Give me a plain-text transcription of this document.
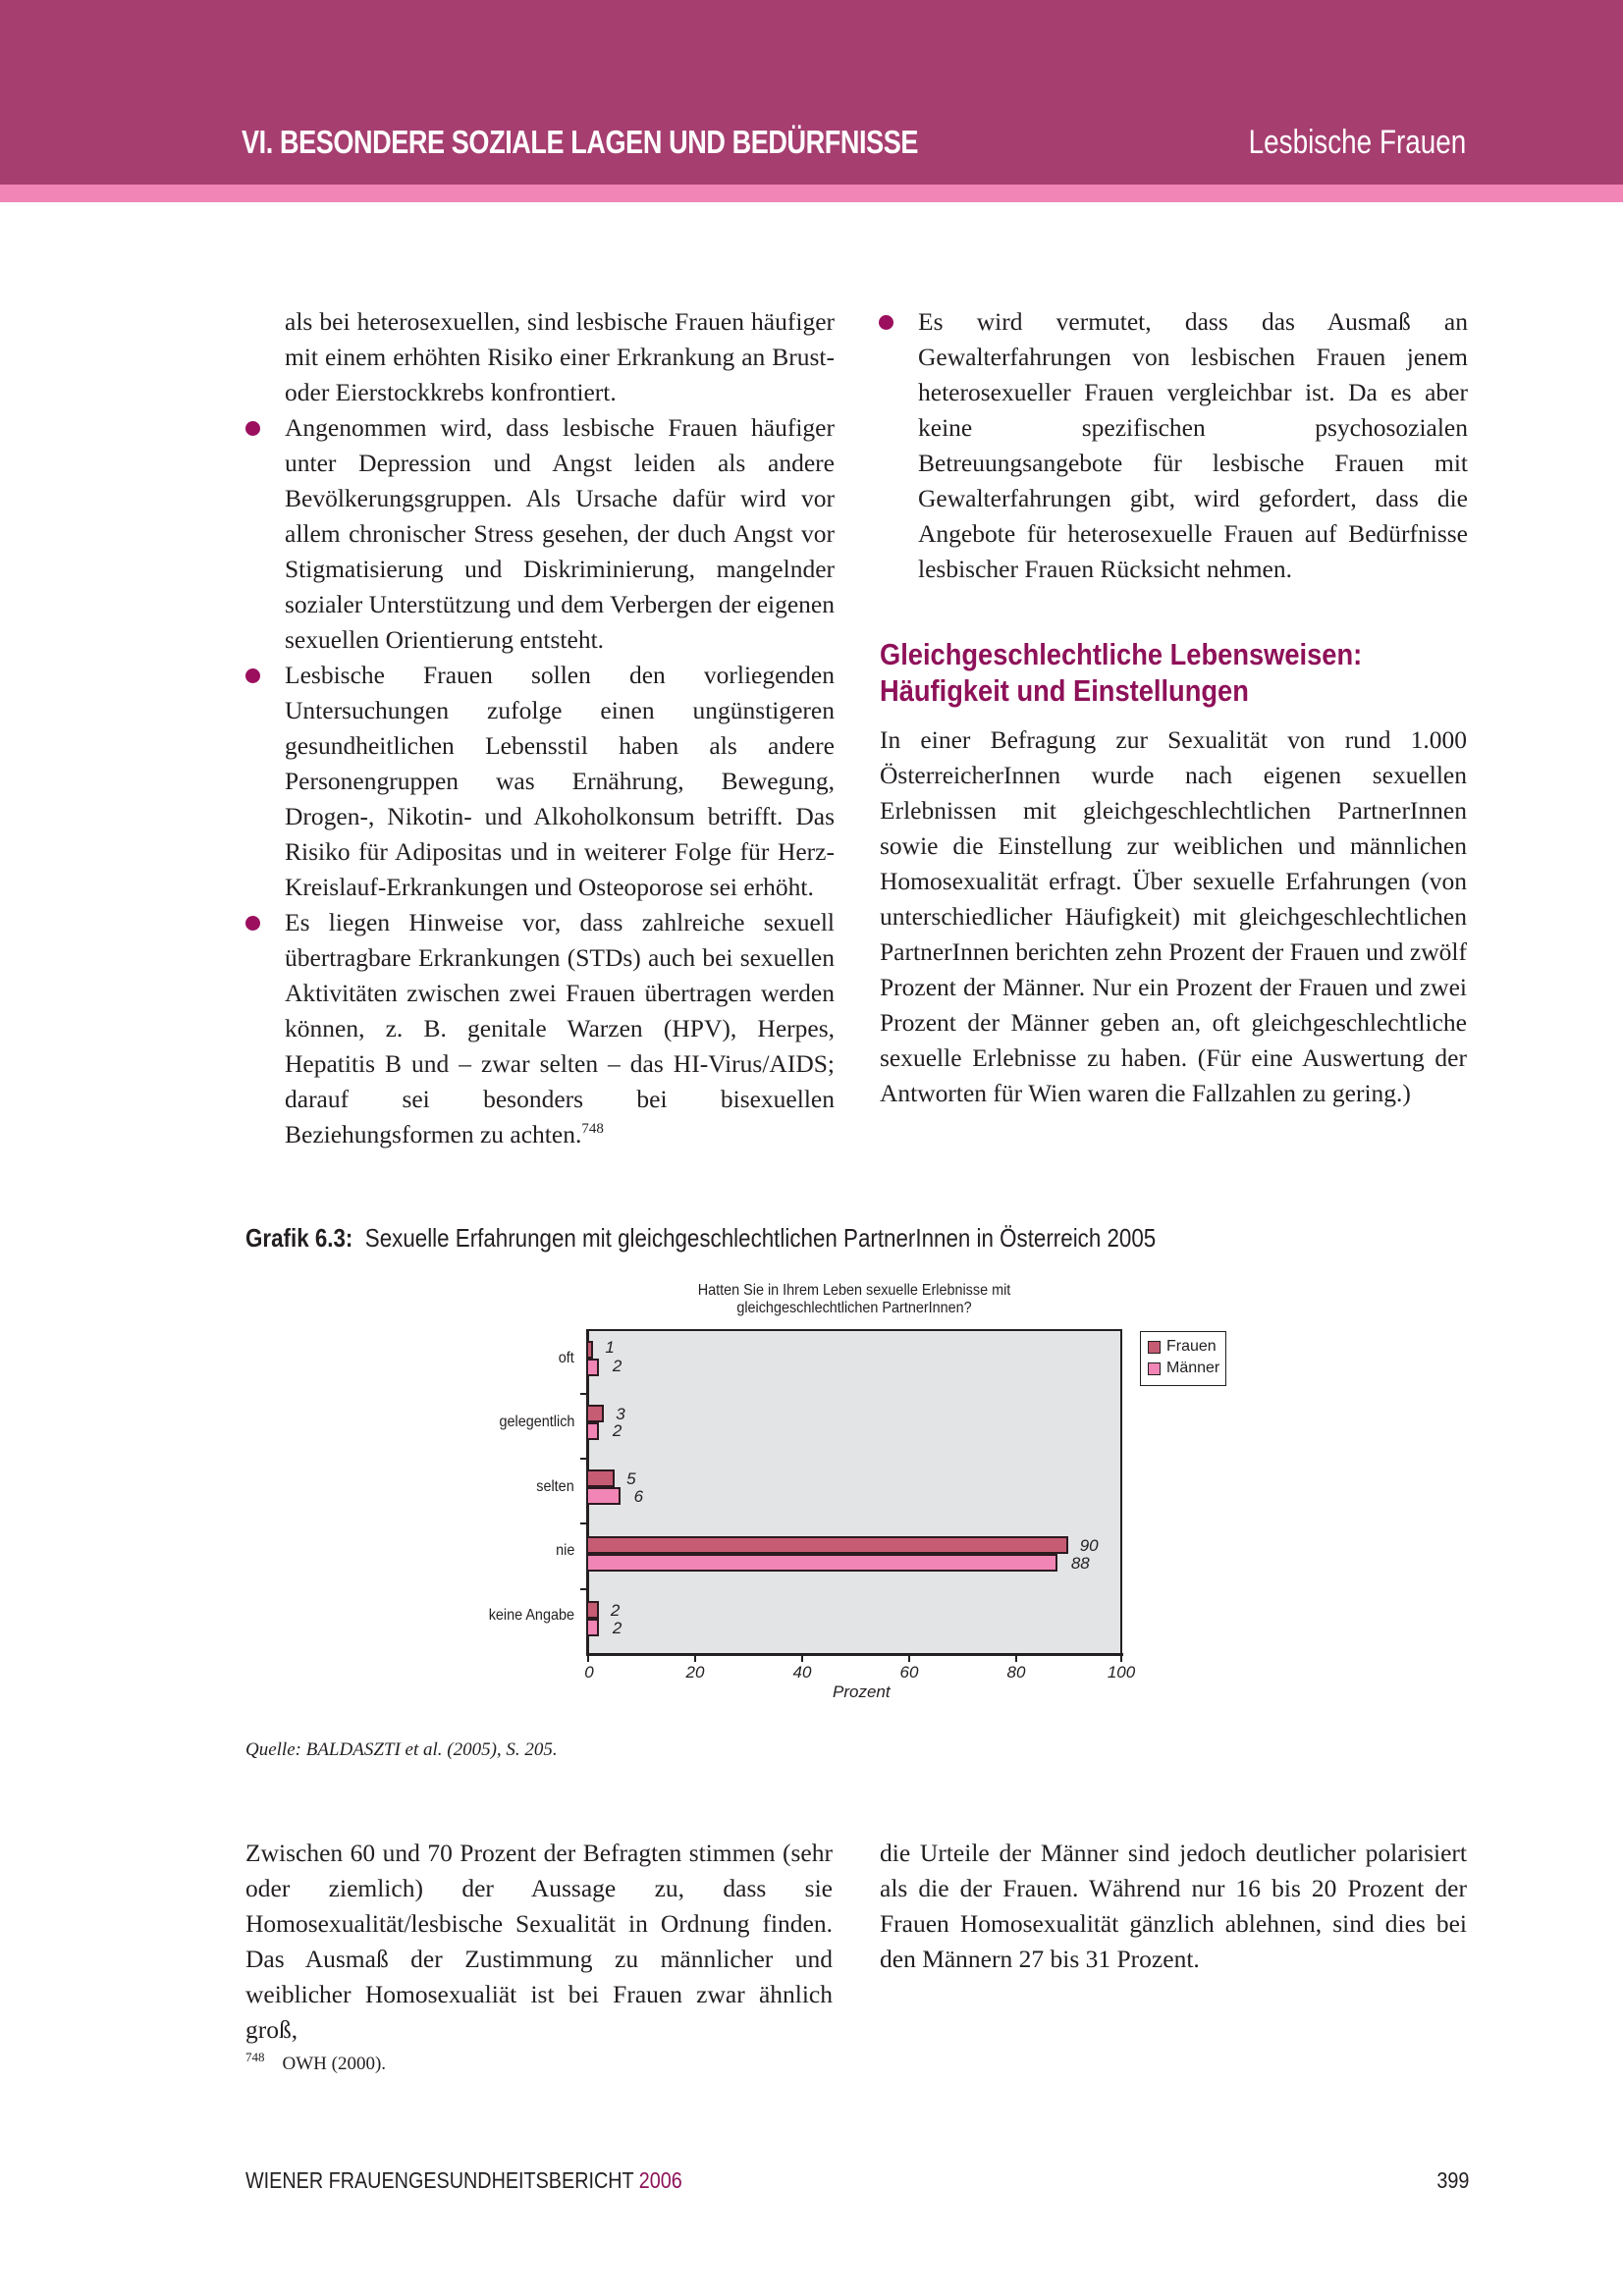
VI. BESONDERE SOZIALE LAGEN UND BEDÜRFNISSE	Lesbische Frauen

als bei heterosexuellen, sind lesbische Frauen häufiger mit einem erhöhten Risiko einer Erkrankung an Brust- oder Eierstockkrebs konfrontiert.

Angenommen wird, dass lesbische Frauen häufiger unter Depression und Angst leiden als andere Bevölkerungsgruppen. Als Ursache dafür wird vor allem chronischer Stress gesehen, der duch Angst vor Stigmatisierung und Diskriminierung, mangelnder sozialer Unterstützung und dem Verbergen der eigenen sexuellen Orientierung entsteht.

Lesbische Frauen sollen den vorliegenden Untersuchungen zufolge einen ungünstigeren gesundheitlichen Lebensstil haben als andere Personengruppen was Ernährung, Bewegung, Drogen-, Nikotin- und Alkoholkonsum betrifft. Das Risiko für Adipositas und in weiterer Folge für Herz-Kreislauf-Erkrankungen und Osteoporose sei erhöht.

Es liegen Hinweise vor, dass zahlreiche sexuell übertragbare Erkrankungen (STDs) auch bei sexuellen Aktivitäten zwischen zwei Frauen übertragen werden können, z. B. genitale Warzen (HPV), Herpes, Hepatitis B und – zwar selten – das HI-Virus/AIDS; darauf sei besonders bei bisexuellen Beziehungsformen zu achten.$^{748}$

Es wird vermutet, dass das Ausmaß an Gewalterfahrungen von lesbischen Frauen jenem heterosexueller Frauen vergleichbar ist. Da es aber keine spezifischen psychosozialen Betreuungsangebote für lesbische Frauen mit Gewalterfahrungen gibt, wird gefordert, dass die Angebote für heterosexuelle Frauen auf Bedürfnisse lesbischer Frauen Rücksicht nehmen.

Gleichgeschlechtliche Lebensweisen: Häufigkeit und Einstellungen

In einer Befragung zur Sexualität von rund 1.000 ÖsterreicherInnen wurde nach eigenen sexuellen Erlebnissen mit gleichgeschlechtlichen PartnerInnen sowie die Einstellung zur weiblichen und männlichen Homosexualität erfragt. Über sexuelle Erfahrungen (von unterschiedlicher Häufigkeit) mit gleichgeschlechtlichen PartnerInnen berichten zehn Prozent der Frauen und zwölf Prozent der Männer. Nur ein Prozent der Frauen und zwei Prozent der Männer geben an, oft gleichgeschlechtliche sexuelle Erlebnisse zu haben. (Für eine Auswertung der Antworten für Wien waren die Fallzahlen zu gering.)

Grafik 6.3: Sexuelle Erfahrungen mit gleichgeschlechtlichen PartnerInnen in Österreich 2005
Hatten Sie in Ihrem Leben sexuelle Erlebnisse mit
gleichgeschlechtlichen PartnerInnen?
oft
gelegentlich
selten
nie
keine Angabe
1
2
3
2
5
6
90
88
2
2
0	20	40	60	80	100
Prozent
Frauen
Männer
Quelle: BALDASZTI et al. (2005), S. 205.

Zwischen 60 und 70 Prozent der Befragten stimmen (sehr oder ziemlich) der Aussage zu, dass sie Homosexualität/lesbische Sexualität in Ordnung finden. Das Ausmaß der Zustimmung zu männlicher und weiblicher Homosexualiät ist bei Frauen zwar ähnlich groß,

die Urteile der Männer sind jedoch deutlicher polarisiert als die der Frauen. Während nur 16 bis 20 Prozent der Frauen Homosexualität gänzlich ablehnen, sind dies bei den Männern 27 bis 31 Prozent.

$^{748}$ OWH (2000).
WIENER FRAUENGESUNDHEITSBERICHT 2006	399
